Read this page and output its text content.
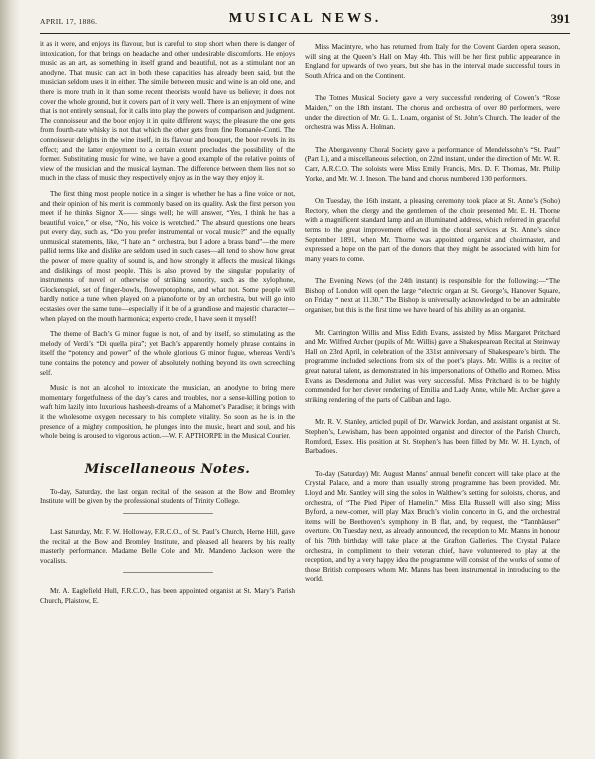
APRIL 17, 1886.	MUSICAL NEWS.	391

it as it were, and enjoys its flavour, but is careful to stop short when there is danger of intoxication, for that brings on headache and other undesirable discomforts. He enjoys music as an art, as something in itself grand and beautiful, not as a stimulant nor an anodyne. That music can act in both these capacities has already been said, but the musician seldom uses it in either. The simile between music and wine is an old one, and there is more truth in it than some recent theorists would have us believe; it does not cover the whole ground, but it covers part of it very well. There is an enjoyment of wine that is not entirely sensual, for it calls into play the powers of comparison and judgment. The connoisseur and the boor enjoy it in quite different ways; the pleasure the one gets from fourth-rate whisky is not that which the other gets from fine Romanée-Conti. The connoisseur delights in the wine itself, in its flavour and bouquet, the boor revels in its effect; and the latter enjoyment to a certain extent precludes the possibility of the former. Substituting music for wine, we have a good example of the relative points of view of the musician and the musical layman. The difference between them lies not so much in the class of music they respectively enjoy as in the way they enjoy it.

The first thing most people notice in a singer is whether he has a fine voice or not, and their opinion of his merit is commonly based on its quality. Ask the first person you meet if he thinks Signor X—— sings well; he will answer, “Yes, I think he has a beautiful voice,” or else, “No, his voice is wretched.” The absurd questions one hears put every day, such as, “Do you prefer instrumental or vocal music?” and the equally unmusical statements, like, “I hate an “ orchestra, but I adore a brass band”—the mere pallid terms like and dislike are seldom used in such cases—all tend to show how great the power of mere quality of sound is, and how strongly it affects the musical likings and dislikings of most people. This is also proved by the singular popularity of instruments of novel or otherwise of striking sonority, such as the xylophone, Glockenspiel, set of finger-bowls, flowerpotophone, and what not. Some people will hardly notice a tune when played on a pianoforte or by an orchestra, but will go into ecstasies over the same tune—especially if it be of a grandiose and majestic character—when played on the mouth harmonica; experto crede, I have seen it myself!

The theme of Bach’s G minor fugue is not, of and by itself, so stimulating as the melody of Verdi’s “Di quella pira”; yet Bach’s apparently homely phrase contains in itself the “potency and power” of the whole glorious G minor fugue, whereas Verdi’s tune contains the potency and power of absolutely nothing beyond its own screeching self.

Music is not an alcohol to intoxicate the musician, an anodyne to bring mere momentary forgetfulness of the day’s cares and troubles, nor a sense-killing potion to waft him lazily into luxurious hasheesh-dreams of a Mahomet’s Paradise; it brings with it the wholesome oxygen necessary to his complete vitality. So soon as he is in the presence of a mighty composition, he plunges into the music, heart and soul, and his whole being is aroused to vigorous action.—W. F. APTHORPE in the Musical Courier.

Miscellaneous Notes.

To-day, Saturday, the last organ recital of the season at the Bow and Bromley Institute will be given by the professional students of Trinity College.

Last Saturday, Mr. F. W. Holloway, F.R.C.O., of St. Paul’s Church, Herne Hill, gave the recital at the Bow and Bromley Institute, and pleased all hearers by his really masterly performance. Madame Belle Cole and Mr. Mandeno Jackson were the vocalists.

Mr. A. Eaglefield Hull, F.R.C.O., has been appointed organist at St. Mary’s Parish Church, Plaistow, E.

Miss Macintyre, who has returned from Italy for the Covent Garden opera season, will sing at the Queen’s Hall on May 4th. This will be her first public appearance in England for upwards of two years, but she has in the interval made successful tours in South Africa and on the Continent.

The Totnes Musical Society gave a very successful rendering of Cowen’s “Rose Maiden,” on the 18th instant. The chorus and orchestra of over 80 performers, were under the direction of Mr. G. L. Loam, organist of St. John’s Church. The leader of the orchestra was Miss A. Holman.

The Abergavenny Choral Society gave a performance of Mendelssohn’s “St. Paul” (Part I.), and a miscellaneous selection, on 22nd instant, under the direction of Mr. W. R. Carr, A.R.C.O. The soloists were Miss Emily Francis, Mrs. D. F. Thomas, Mr. Philip Yorke, and Mr. W. J. Ineson. The band and chorus numbered 130 performers.

On Tuesday, the 16th instant, a pleasing ceremony took place at St. Anne’s (Soho) Rectory, when the clergy and the gentlemen of the choir presented Mr. E. H. Thorne with a magnificent standard lamp and an illuminated address, which referred in graceful terms to the great improvement effected in the choral services at St. Anne’s since September 1891, when Mr. Thorne was appointed organist and choirmaster, and expressed a hope on the part of the donors that they might be associated with him for many years to come.

The Evening News (of the 24th instant) is responsible for the following:—“The Bishop of London will open the large “electric organ at St. George’s, Hanover Square, on Friday “ next at 11.30.” The Bishop is universally acknowledged to be an admirable organiser, but this is the first time we have heard of his ability as an organist.

Mr. Carrington Willis and Miss Edith Evans, assisted by Miss Margaret Pritchard and Mr. Wilfred Archer (pupils of Mr. Willis) gave a Shakespearean Recital at Steinway Hall on 23rd April, in celebration of the 331st anniversary of Shakespeare’s birth. The programme included selections from six of the poet’s plays. Mr. Willis is a reciter of great natural talent, as demonstrated in his impersonations of Othello and Romeo. Miss Evans as Desdemona and Juliet was very successful. Miss Pritchard is to be highly commended for her clever rendering of Emilia and Lady Anne, while Mr. Archer gave a striking rendering of the parts of Caliban and Iago.

Mr. R. V. Stanley, articled pupil of Dr. Warwick Jordan, and assistant organist at St. Stephen’s, Lewisham, has been appointed organist and director of the Parish Church, Romford, Essex. His position at St. Stephen’s has been filled by Mr. W. H. Lynch, of Barbadoes.

To-day (Saturday) Mr. August Manns’ annual benefit concert will take place at the Crystal Palace, and a more than usually strong programme has been provided. Mr. Lloyd and Mr. Santley will sing the solos in Walthew’s setting for soloists, chorus, and orchestra, of “The Pied Piper of Hamelin.” Miss Ella Russell will also sing; Miss Byford, a new-comer, will play Max Bruch’s violin concerto in G, and the orchestral items will be Beethoven’s symphony in B flat, and, by request, the “Tannhäuser” overture. On Tuesday next, as already announced, the reception to Mr. Manns in honour of his 70th birthday will take place at the Grafton Galleries. The Crystal Palace orchestra, in compliment to their veteran chief, have volunteered to play at the reception, and by a very happy idea the programme will consist of the works of some of those British composers whom Mr. Manns has been instrumental in introducing to the world.
